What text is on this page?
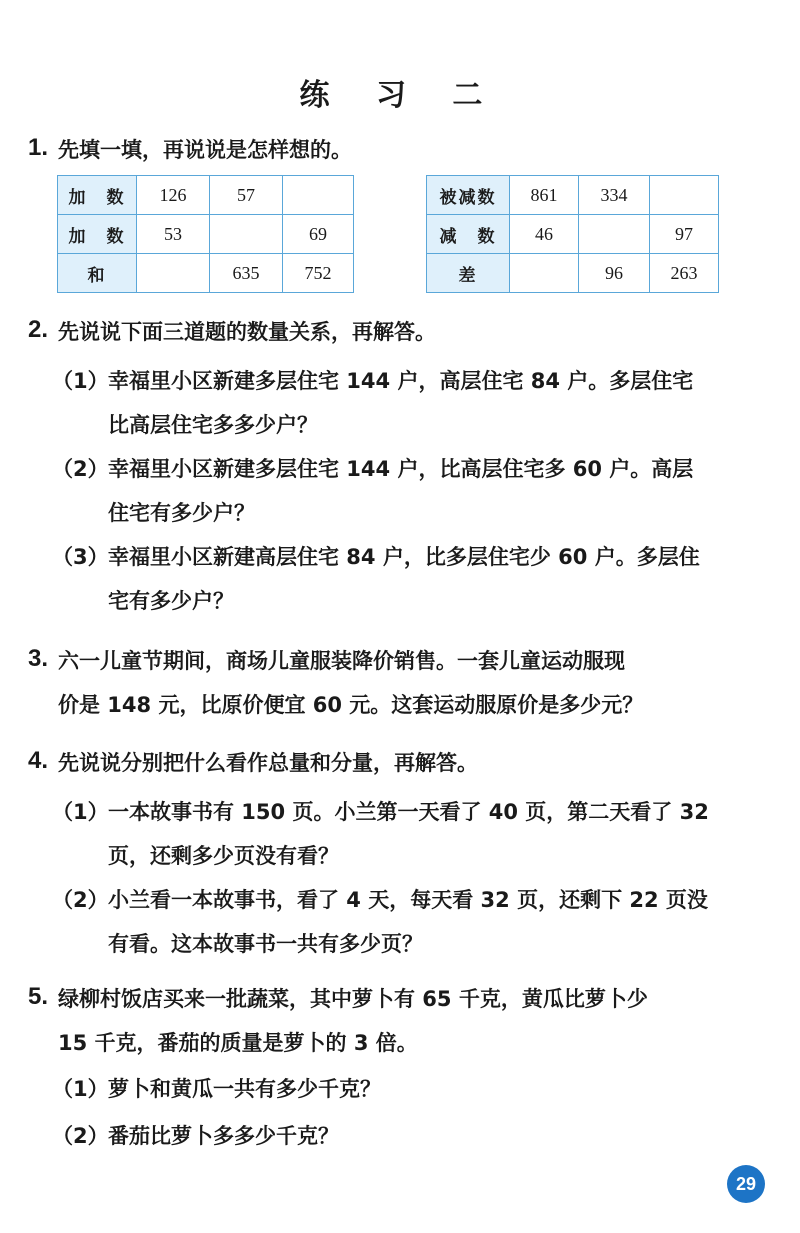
练 习 二
1. 先填一填，再说说是怎样想的。
加　数	126	57	
加　数	53		69
和		635	752
被减数	861	334	
减　数	46		97
差		96	263
2. 先说说下面三道题的数量关系，再解答。
（1） 幸福里小区新建多层住宅 144 户，高层住宅 84 户。多层住宅
比高层住宅多多少户？
（2） 幸福里小区新建多层住宅 144 户，比高层住宅多 60 户。高层
住宅有多少户？
（3） 幸福里小区新建高层住宅 84 户，比多层住宅少 60 户。多层住
宅有多少户？
3. 六一儿童节期间，商场儿童服装降价销售。一套儿童运动服现
价是 148 元，比原价便宜 60 元。这套运动服原价是多少元？
4. 先说说分别把什么看作总量和分量，再解答。
（1） 一本故事书有 150 页。小兰第一天看了 40 页，第二天看了 32
页，还剩多少页没有看？
（2） 小兰看一本故事书，看了 4 天，每天看 32 页，还剩下 22 页没
有看。这本故事书一共有多少页？
5. 绿柳村饭店买来一批蔬菜，其中萝卜有 65 千克，黄瓜比萝卜少
15 千克，番茄的质量是萝卜的 3 倍。
（1） 萝卜和黄瓜一共有多少千克？
（2） 番茄比萝卜多多少千克？
29
